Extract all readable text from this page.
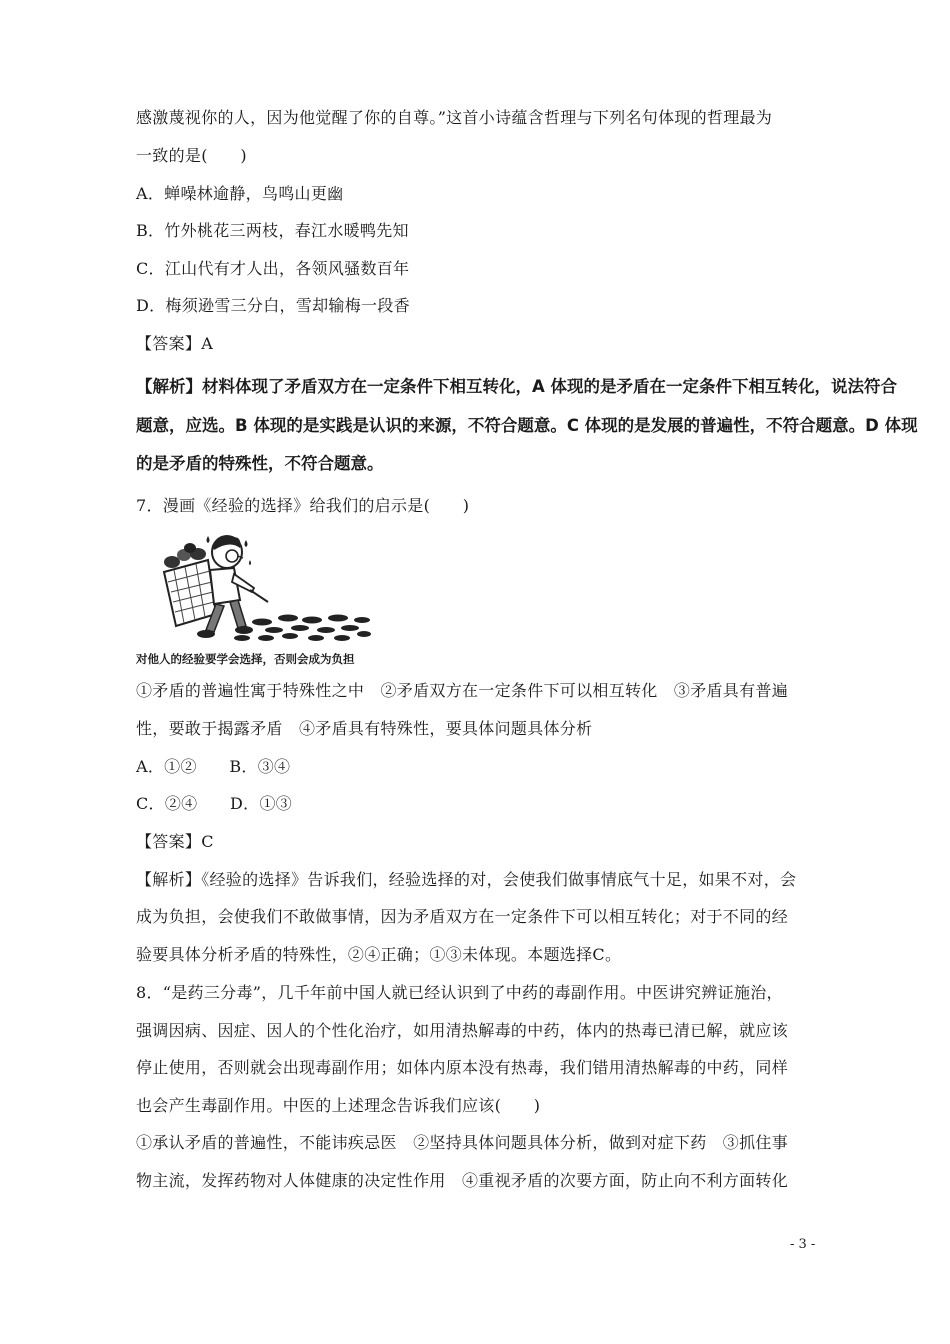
感激蔑视你的人，因为他觉醒了你的自尊。”这首小诗蕴含哲理与下列名句体现的哲理最为
一致的是(　　)
A．蝉噪林逾静，鸟鸣山更幽
B．竹外桃花三两枝，春江水暖鸭先知
C．江山代有才人出，各领风骚数百年
D．梅须逊雪三分白，雪却输梅一段香
【答案】A
【解析】材料体现了矛盾双方在一定条件下相互转化，A 体现的是矛盾在一定条件下相互转化，说法符合
题意，应选。B 体现的是实践是认识的来源，不符合题意。C 体现的是发展的普遍性，不符合题意。D 体现
的是矛盾的特殊性，不符合题意。
7．漫画《经验的选择》给我们的启示是(　　)
对他人的经验要学会选择，否则会成为负担
①矛盾的普遍性寓于特殊性之中　②矛盾双方在一定条件下可以相互转化　③矛盾具有普遍
性，要敢于揭露矛盾　④矛盾具有特殊性，要具体问题具体分析
A．①②　　B．③④
C．②④　　D．①③
【答案】C
【解析】《经验的选择》告诉我们，经验选择的对，会使我们做事情底气十足，如果不对，会
成为负担，会使我们不敢做事情，因为矛盾双方在一定条件下可以相互转化；对于不同的经
验要具体分析矛盾的特殊性，②④正确；①③未体现。本题选择C。
8．“是药三分毒”，几千年前中国人就已经认识到了中药的毒副作用。中医讲究辨证施治，
强调因病、因症、因人的个性化治疗，如用清热解毒的中药，体内的热毒已清已解，就应该
停止使用，否则就会出现毒副作用；如体内原本没有热毒，我们错用清热解毒的中药，同样
也会产生毒副作用。中医的上述理念告诉我们应该(　　)
①承认矛盾的普遍性，不能讳疾忌医　②坚持具体问题具体分析，做到对症下药　③抓住事
物主流，发挥药物对人体健康的决定性作用　④重视矛盾的次要方面，防止向不利方面转化
- 3 -
